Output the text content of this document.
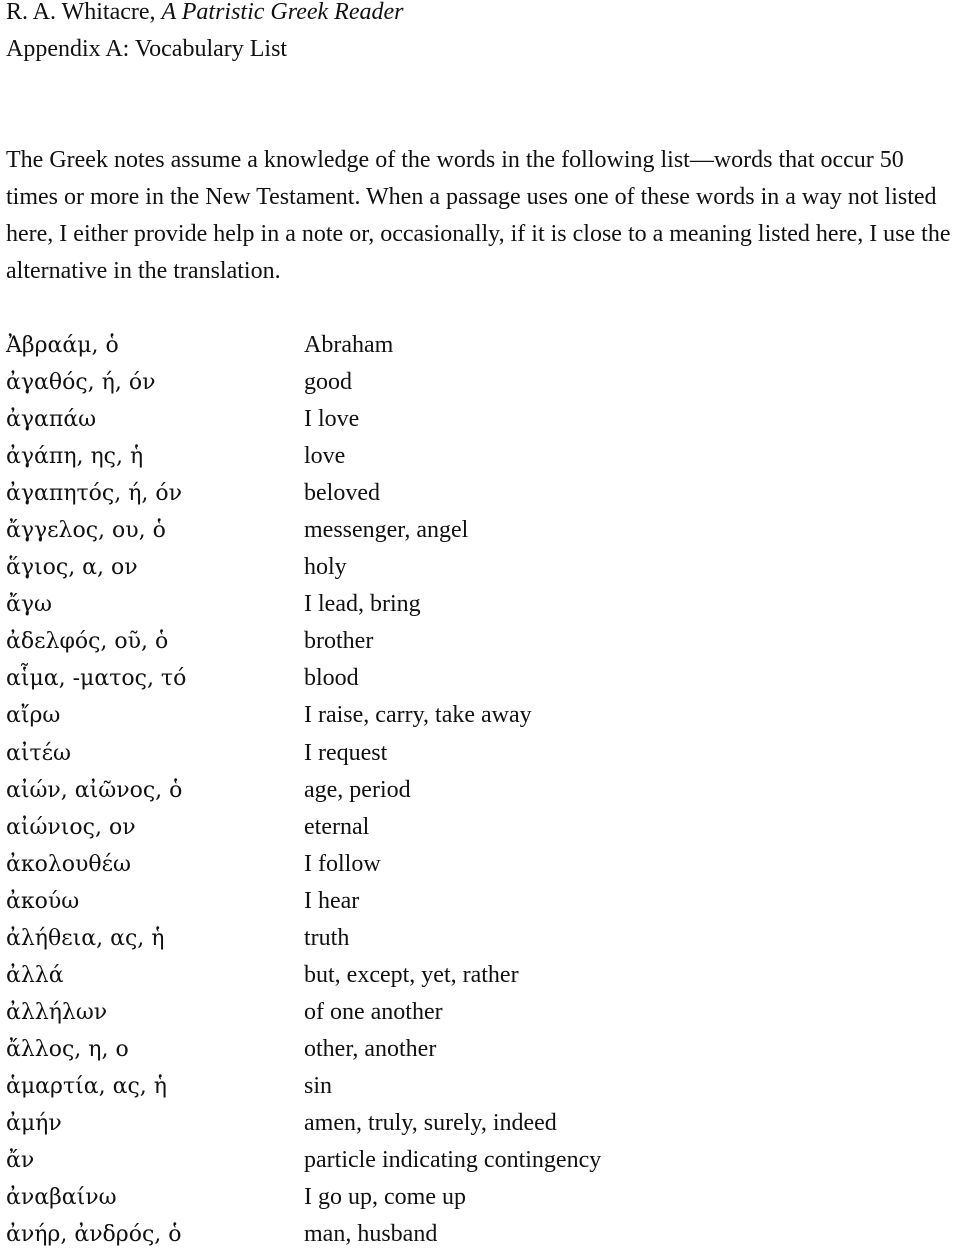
R. A. Whitacre, A Patristic Greek Reader
Appendix A: Vocabulary List
The Greek notes assume a knowledge of the words in the following list—words that occur 50 times or more in the New Testament. When a passage uses one of these words in a way not listed here, I either provide help in a note or, occasionally, if it is close to a meaning listed here, I use the alternative in the translation.
Ἀβραάμ, ὁ	Abraham
ἀγαθός, ή, όν	good
ἀγαπάω	I love
ἀγάπη, ης, ἡ	love
ἀγαπητός, ή, όν	beloved
ἄγγελος, ου, ὁ	messenger, angel
ἅγιος, α, ον	holy
ἄγω	I lead, bring
ἀδελφός, οῦ, ὁ	brother
αἷμα, -ματος, τό	blood
αἴρω	I raise, carry, take away
αἰτέω	I request
αἰών, αἰῶνος, ὁ	age, period
αἰώνιος, ον	eternal
ἀκολουθέω	I follow
ἀκούω	I hear
ἀλήθεια, ας, ἡ	truth
ἀλλά	but, except, yet, rather
ἀλλήλων	of one another
ἄλλος, η, ο	other, another
ἁμαρτία, ας, ἡ	sin
ἀμήν	amen, truly, surely, indeed
ἄν	particle indicating contingency
ἀναβαίνω	I go up, come up
ἀνήρ, ἀνδρός, ὁ	man, husband
